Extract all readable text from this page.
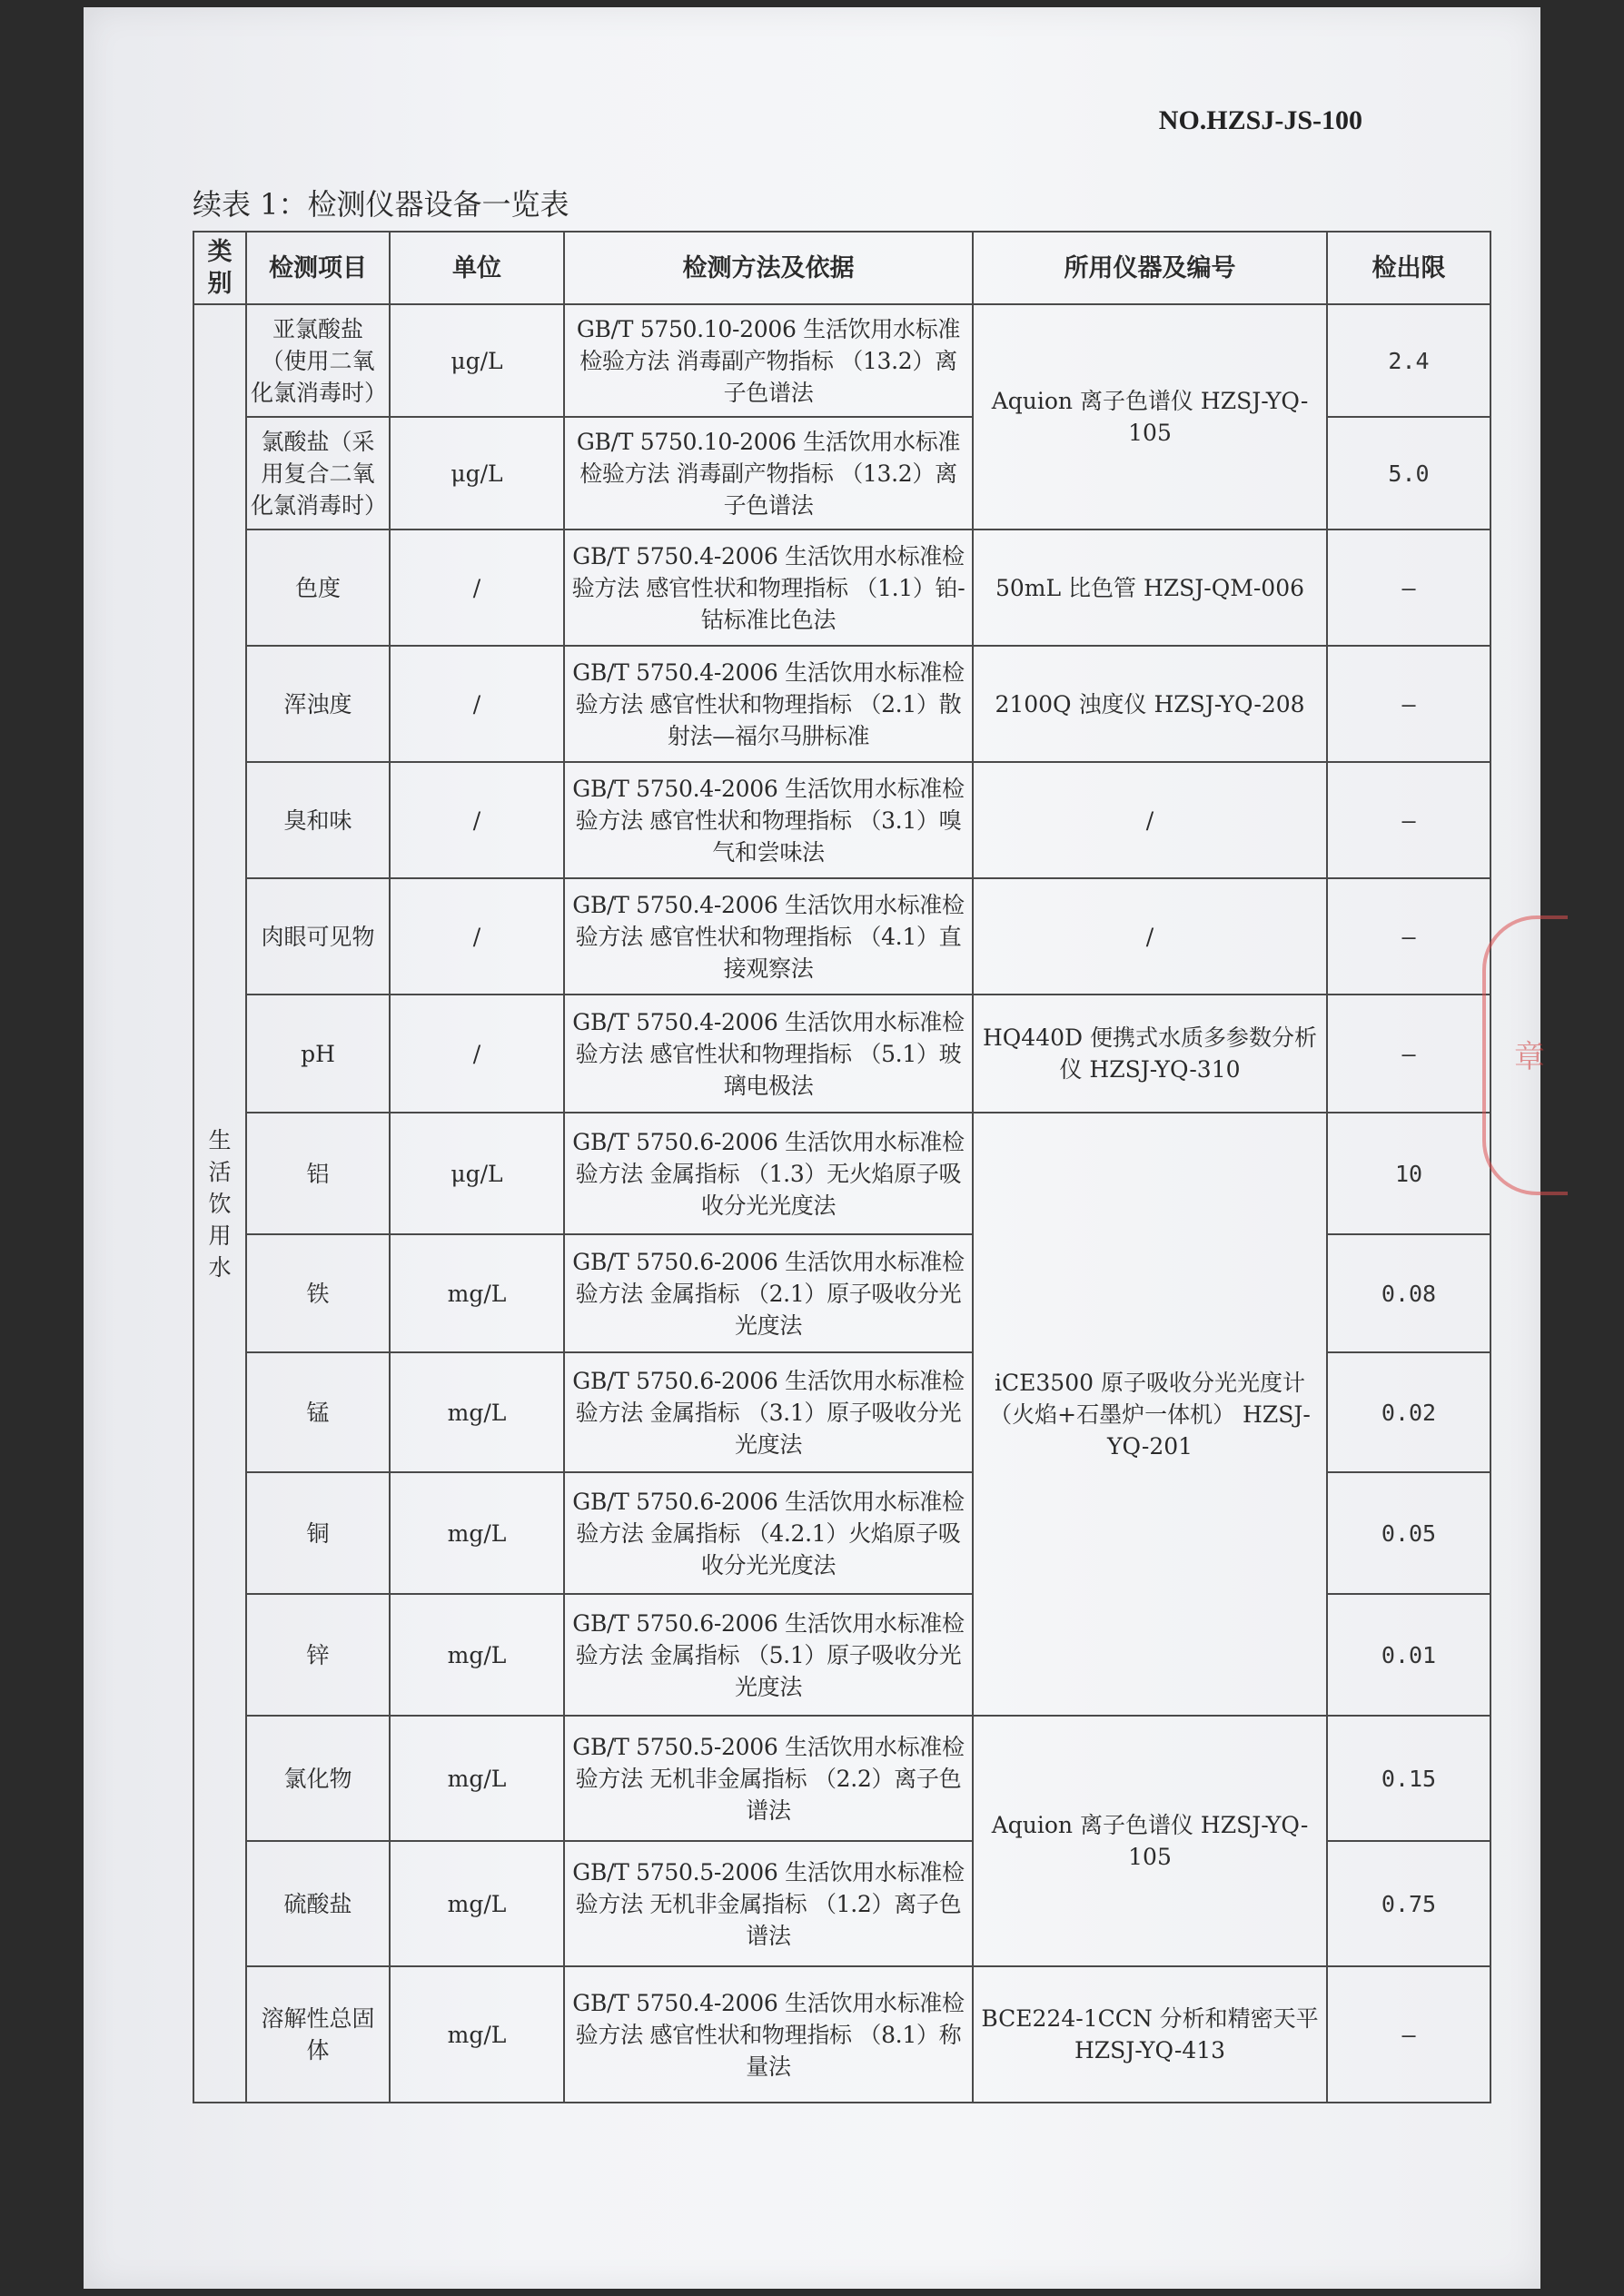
NO.HZSJ-JS-100
续表 1：检测仪器设备一览表
类别	检测项目	单位	检测方法及依据	所用仪器及编号	检出限
生活饮用水	亚氯酸盐（使用二氧化氯消毒时）	μg/L	GB/T 5750.10-2006 生活饮用水标准检验方法 消毒副产物指标 （13.2）离子色谱法	Aquion 离子色谱仪 HZSJ-YQ-105	2.4
	氯酸盐（采用复合二氧化氯消毒时）	μg/L	GB/T 5750.10-2006 生活饮用水标准检验方法 消毒副产物指标 （13.2）离子色谱法		5.0
	色度	/	GB/T 5750.4-2006 生活饮用水标准检验方法 感官性状和物理指标 （1.1）铂-钴标准比色法	50mL 比色管 HZSJ-QM-006	—
	浑浊度	/	GB/T 5750.4-2006 生活饮用水标准检验方法 感官性状和物理指标 （2.1）散射法—福尔马肼标准	2100Q 浊度仪 HZSJ-YQ-208	—
	臭和味	/	GB/T 5750.4-2006 生活饮用水标准检验方法 感官性状和物理指标 （3.1）嗅气和尝味法	/	—
	肉眼可见物	/	GB/T 5750.4-2006 生活饮用水标准检验方法 感官性状和物理指标 （4.1）直接观察法	/	—
	pH	/	GB/T 5750.4-2006 生活饮用水标准检验方法 感官性状和物理指标 （5.1）玻璃电极法	HQ440D 便携式水质多参数分析仪 HZSJ-YQ-310	—
	铝	μg/L	GB/T 5750.6-2006 生活饮用水标准检验方法 金属指标 （1.3）无火焰原子吸收分光光度法	iCE3500 原子吸收分光光度计（火焰+石墨炉一体机） HZSJ-YQ-201	10
	铁	mg/L	GB/T 5750.6-2006 生活饮用水标准检验方法 金属指标 （2.1）原子吸收分光光度法		0.08
	锰	mg/L	GB/T 5750.6-2006 生活饮用水标准检验方法 金属指标 （3.1）原子吸收分光光度法		0.02
	铜	mg/L	GB/T 5750.6-2006 生活饮用水标准检验方法 金属指标 （4.2.1）火焰原子吸收分光光度法		0.05
	锌	mg/L	GB/T 5750.6-2006 生活饮用水标准检验方法 金属指标 （5.1）原子吸收分光光度法		0.01
	氯化物	mg/L	GB/T 5750.5-2006 生活饮用水标准检验方法 无机非金属指标 （2.2）离子色谱法	Aquion 离子色谱仪 HZSJ-YQ-105	0.15
	硫酸盐	mg/L	GB/T 5750.5-2006 生活饮用水标准检验方法 无机非金属指标 （1.2）离子色谱法		0.75
	溶解性总固体	mg/L	GB/T 5750.4-2006 生活饮用水标准检验方法 感官性状和物理指标 （8.1）称量法	BCE224-1CCN 分析和精密天平 HZSJ-YQ-413	—
章
